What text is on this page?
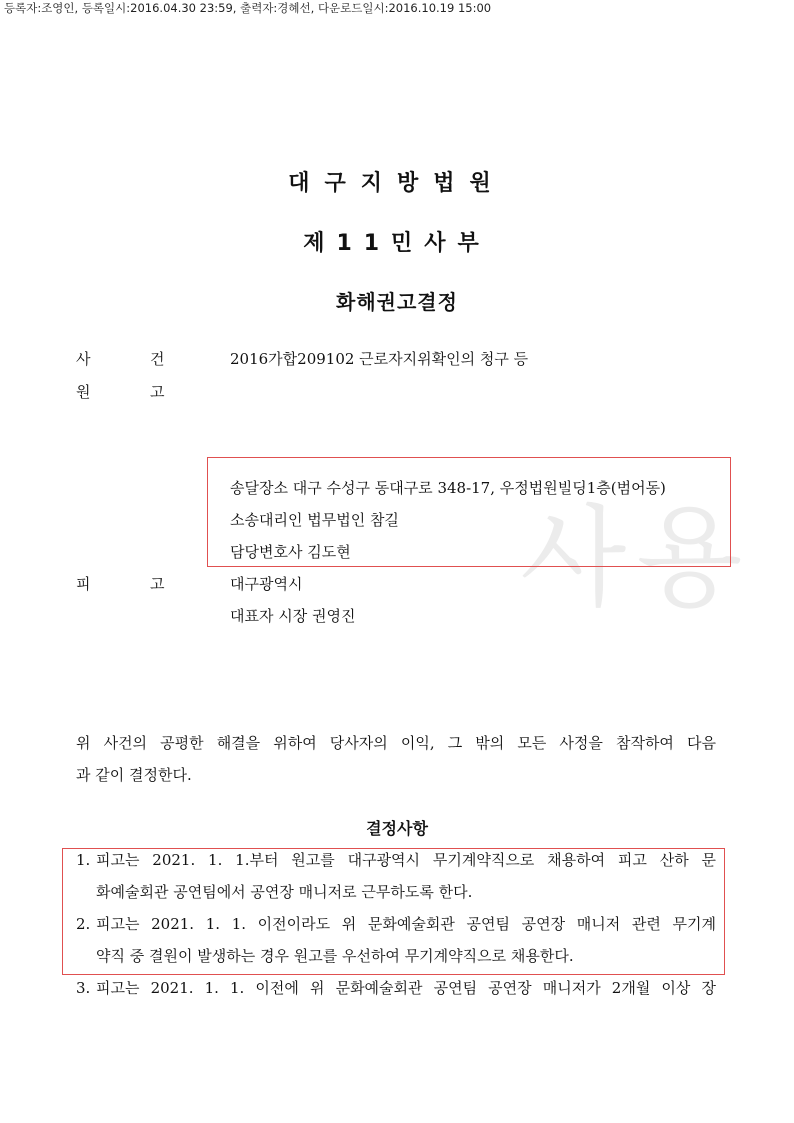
등록자:조영인, 등록일시:2016.04.30 23:59, 출력자:경혜선, 다운로드일시:2016.10.19 15:00
대구지방법원
제11민사부
화해권고결정
사용
사	건	2016가합209102 근로자지위확인의 청구 등
원	고
송달장소 대구 수성구 동대구로 348-17, 우정법원빌딩1층(범어동)
소송대리인 법무법인 참길
담당변호사 김도현
피	고	대구광역시
대표자 시장 권영진
위 사건의 공평한 해결을 위하여 당사자의 이익, 그 밖의 모든 사정을 참작하여 다음
과 같이 결정한다.
결정사항
1. 피고는 2021. 1. 1.부터 원고를 대구광역시 무기계약직으로 채용하여 피고 산하 문
화예술회관 공연팀에서 공연장 매니저로 근무하도록 한다.
2. 피고는 2021. 1. 1. 이전이라도 위 문화예술회관 공연팀 공연장 매니저 관련 무기계
약직 중 결원이 발생하는 경우 원고를 우선하여 무기계약직으로 채용한다.
3. 피고는 2021. 1. 1. 이전에 위 문화예술회관 공연팀 공연장 매니저가 2개월 이상 장
